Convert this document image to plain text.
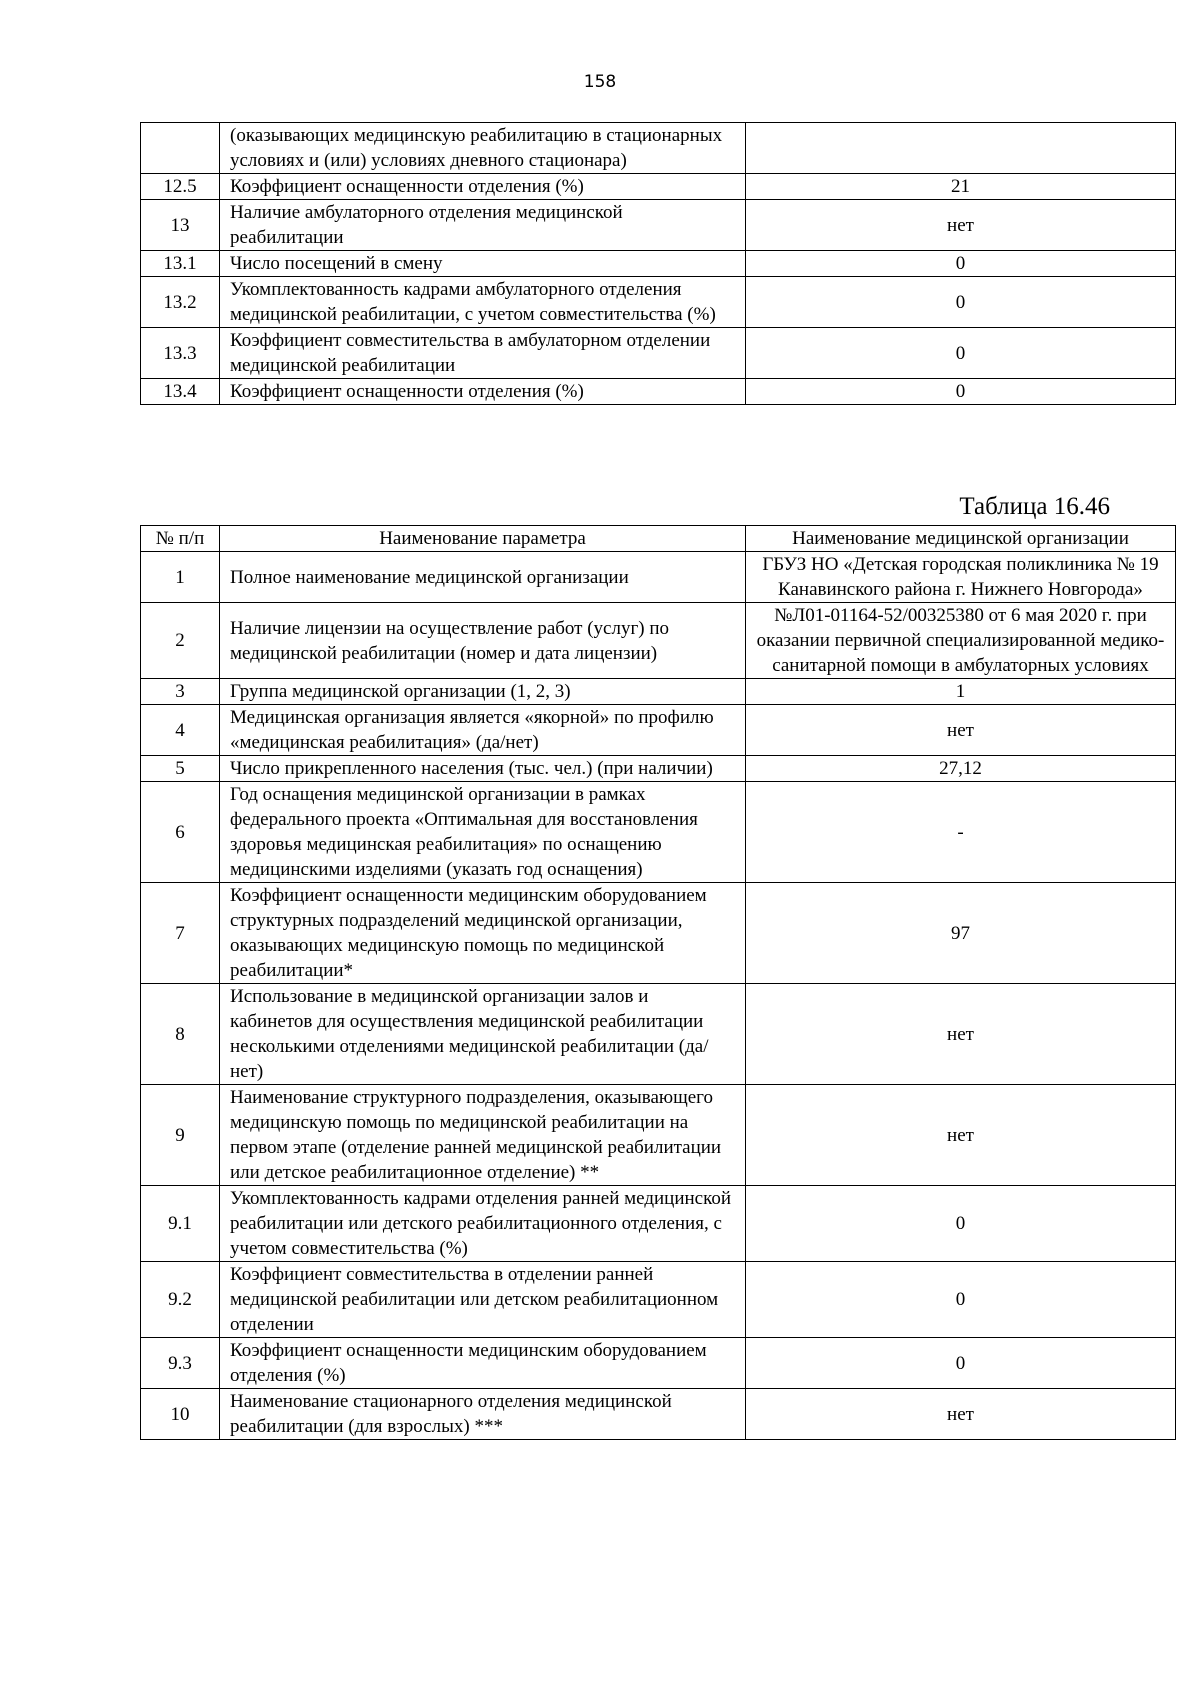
158
	(оказывающих медицинскую реабилитацию в стационарных условиях и (или) условиях дневного стационара)	
12.5	Коэффициент оснащенности отделения (%)	21
13	Наличие амбулаторного отделения медицинской реабилитации	нет
13.1	Число посещений в смену	0
13.2	Укомплектованность кадрами амбулаторного отделения медицинской реабилитации, с учетом совместительства (%)	0
13.3	Коэффициент совместительства в амбулаторном отделении медицинской реабилитации	0
13.4	Коэффициент оснащенности отделения (%)	0
Таблица 16.46
№ п/п	Наименование параметра	Наименование медицинской организации
1	Полное наименование медицинской организации	ГБУЗ НО «Детская городская поликлиника № 19 Канавинского района г. Нижнего Новгорода»
2	Наличие лицензии на осуществление работ (услуг) по медицинской реабилитации (номер и дата лицензии)	№Л01-01164-52/00325380 от 6 мая 2020 г. при оказании первичной специализированной медико-санитарной помощи в амбулаторных условиях
3	Группа медицинской организации (1, 2, 3)	1
4	Медицинская организация является «якорной» по профилю «медицинская реабилитация» (да/нет)	нет
5	Число прикрепленного населения (тыс. чел.) (при наличии)	27,12
6	Год оснащения медицинской организации в рамках федерального проекта «Оптимальная для восстановления здоровья медицинская реабилитация» по оснащению медицинскими изделиями (указать год оснащения)	-
7	Коэффициент оснащенности медицинским оборудованием структурных подразделений медицинской организации, оказывающих медицинскую помощь по медицинской реабилитации*	97
8	Использование в медицинской организации залов и кабинетов для осуществления медицинской реабилитации несколькими отделениями медицинской реабилитации (да/нет)	нет
9	Наименование структурного подразделения, оказывающего медицинскую помощь по медицинской реабилитации на первом этапе (отделение ранней медицинской реабилитации или детское реабилитационное отделение) **	нет
9.1	Укомплектованность кадрами отделения ранней медицинской реабилитации или детского реабилитационного отделения, с учетом совместительства (%)	0
9.2	Коэффициент совместительства в отделении ранней медицинской реабилитации или детском реабилитационном отделении	0
9.3	Коэффициент оснащенности медицинским оборудованием отделения (%)	0
10	Наименование стационарного отделения медицинской реабилитации (для взрослых) ***	нет
